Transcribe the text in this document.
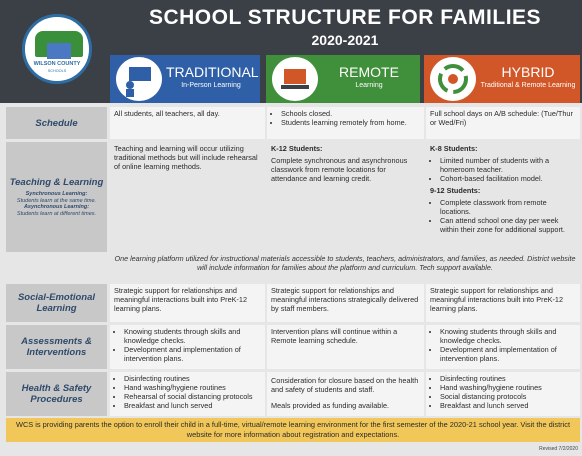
WILSON COUNTY
SCHOOLS
SCHOOL STRUCTURE FOR FAMILIES
2020-2021
TRADITIONAL
In-Person Learning
REMOTE
Learning
HYBRID
Traditional & Remote Learning
Schedule
All students, all teachers, all day.
•	Schools closed.
• Students learning remotely from home.
Full school days on A/B schedule: (Tue/Thur or Wed/Fri)
Teaching & Learning
Synchronous Learning:
Students learn at the same time.
Asynchronous Learning:
Students learn at different times.
Teaching and learning will occur utilizing traditional methods but will include rehearsal of online learning methods.
K-12 Students:
Complete synchronous and asynchronous classwork from remote locations for attendance and learning credit.
K-8 Students:
• Limited number of students with a homeroom teacher.
• Cohort-based facilitation model.
9-12 Students:
• Complete classwork from remote locations.
• Can attend school one day per week within their zone for additional support.
One learning platform utilized for instructional materials accessible to students, teachers, administrators, and families, as needed. District website will include information for families about the platform and curriculum. Tech support available.
Social-Emotional Learning
Strategic support for relationships and meaningful interactions built into PreK-12 learning plans.
Strategic support for relationships and meaningful interactions strategically delivered by staff members.
Strategic support for relationships and meaningful interactions built into PreK-12 learning plans.
Assessments & Interventions
• Knowing students through skills and knowledge checks.
• Development and implementation of intervention plans.
Intervention plans will continue within a Remote learning schedule.
• Knowing students through skills and knowledge checks.
• Development and implementation of intervention plans.
Health & Safety Procedures
• Disinfecting routines
• Hand washing/hygiene routines
• Rehearsal of social distancing protocols
• Breakfast and lunch served
Consideration for closure based on the health and safety of students and staff.
Meals provided as funding available.
• Disinfecting routines
• Hand washing/hygiene routines
• Social distancing protocols
• Breakfast and lunch served
WCS is providing parents the option to enroll their child in a full-time, virtual/remote learning environment for the first semester of the 2020-21 school year. Visit the district website for more information about registration and expectations.
Revised 7/2/2020
